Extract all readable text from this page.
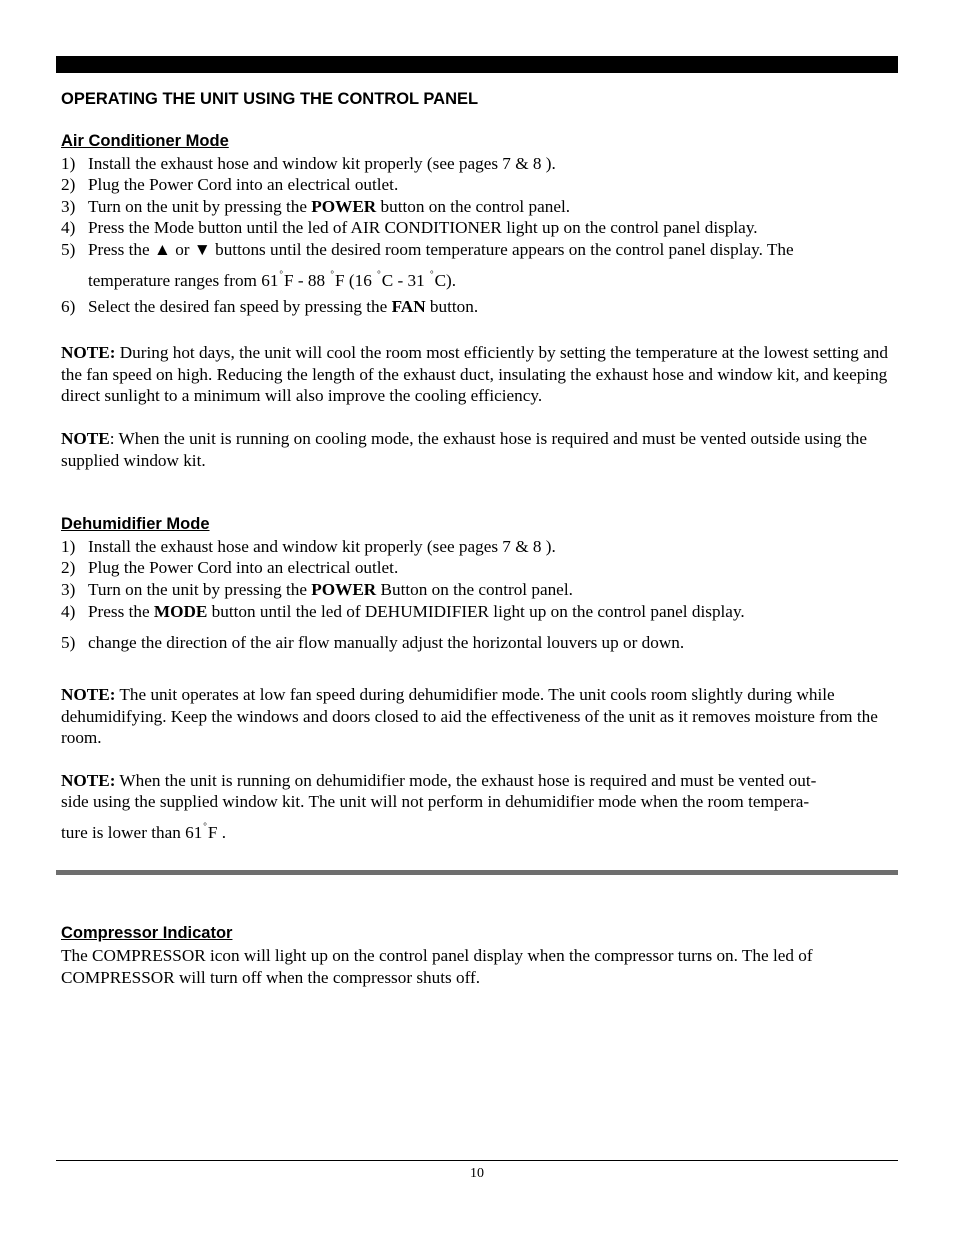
OPERATING THE UNIT USING THE CONTROL PANEL
Air Conditioner Mode
1) Install the exhaust hose and window kit properly (see pages 7 & 8 ).
2) Plug the Power Cord into an electrical outlet.
3) Turn on the unit by pressing the POWER button on the control panel.
4) Press the Mode button until the led of AIR CONDITIONER light up on the control panel display.
5) Press the ▲ or ▼ buttons until the desired room temperature appears on the control panel display. The
temperature ranges from 61°F - 88 °F (16 °C - 31 °C).
6) Select the desired fan speed by pressing the FAN button.
NOTE: During hot days, the unit will cool the room most efficiently by setting the temperature at the lowest setting and the fan speed on high. Reducing the length of the exhaust duct, insulating the exhaust hose and window kit, and keeping direct sunlight to a minimum will also improve the cooling efficiency.
NOTE: When the unit is running on cooling mode, the exhaust hose is required and must be vented outside using the supplied window kit.
Dehumidifier Mode
1) Install the exhaust hose and window kit properly (see pages 7 & 8 ).
2) Plug the Power Cord into an electrical outlet.
3) Turn on the unit by pressing the POWER Button on the control panel.
4) Press the MODE button until the led of DEHUMIDIFIER light up on the control panel display.
5) change the direction of the air flow manually adjust the horizontal louvers up or down.
NOTE: The unit operates at low fan speed during dehumidifier mode. The unit cools room slightly during while dehumidifying. Keep the windows and doors closed to aid the effectiveness of the unit as it removes moisture from the room.
NOTE: When the unit is running on dehumidifier mode, the exhaust hose is required and must be vented out-
side using the supplied window kit. The unit will not perform in dehumidifier mode when the room tempera-
ture is lower than 61°F .
Compressor Indicator
The COMPRESSOR icon will light up on the control panel display when the compressor turns on. The led of COMPRESSOR will turn off when the compressor shuts off.
10
